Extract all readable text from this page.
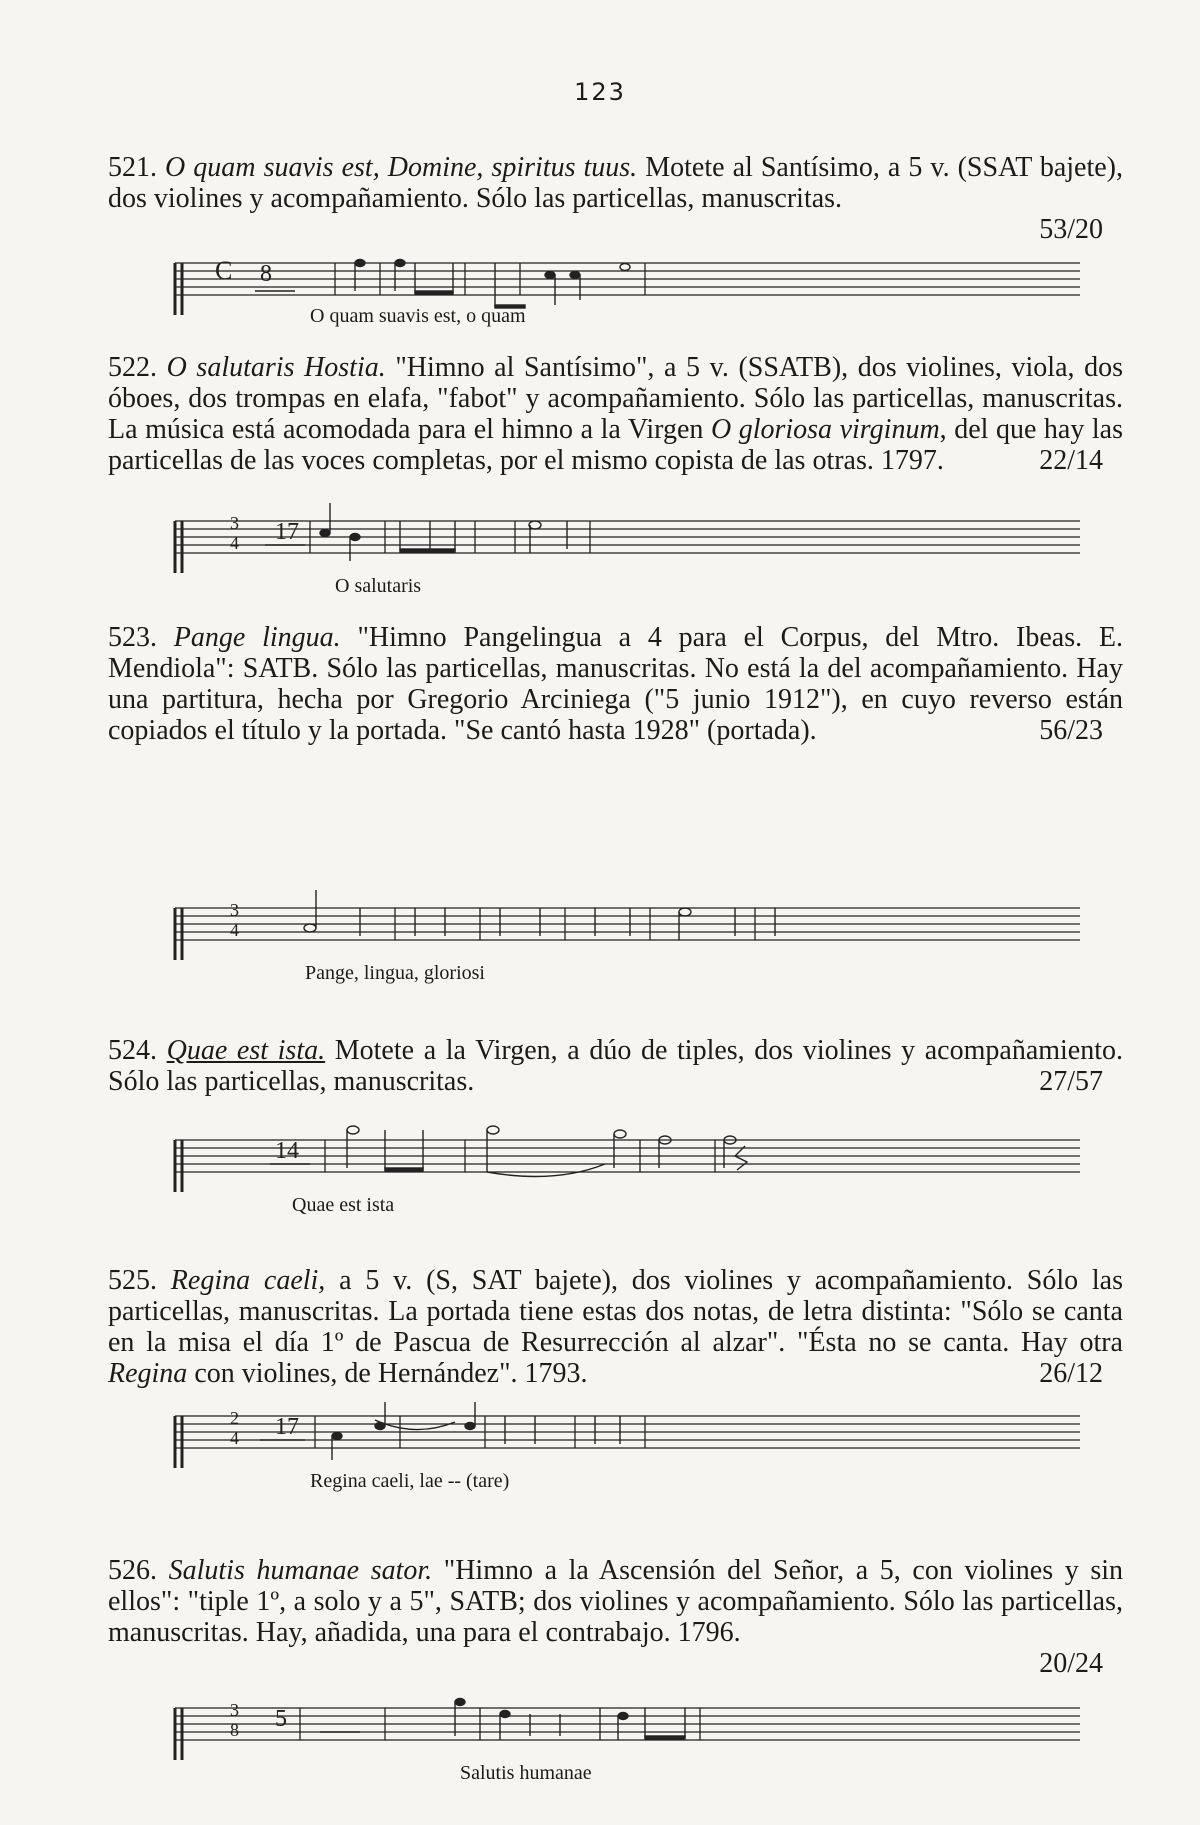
123

521. O quam suavis est, Domine, spiritus tuus. Motete al Santísimo, a 5 v. (SSAT bajete), dos violines y acompañamiento. Sólo las particellas, manuscritas.

53/20
C 8
O quam suavis est, o quam

522. O salutaris Hostia. "Himno al Santísimo", a 5 v. (SSATB), dos violines, viola, dos óboes, dos trompas en elafa, "fabot" y acompañamiento. Sólo las particellas, manuscritas. La música está acomodada para el himno a la Virgen O gloriosa virginum, del que hay las particellas de las voces completas, por el mismo copista de las otras. 1797.	22/14

3
4 17
O salutaris

523. Pange lingua. "Himno Pangelingua a 4 para el Corpus, del Mtro. Ibeas. E. Mendiola": SATB. Sólo las particellas, manuscritas. No está la del acompañamiento. Hay una partitura, hecha por Gregorio Arciniega ("5 junio 1912"), en cuyo reverso están copiados el título y la portada. "Se cantó hasta 1928" (portada).	56/23

3
4
Pange, lingua, gloriosi

524. Quae est ista. Motete a la Virgen, a dúo de tiples, dos violines y acompañamiento. Sólo las particellas, manuscritas.	27/57

14
Quae est ista

525. Regina caeli, a 5 v. (S, SAT bajete), dos violines y acompañamiento. Sólo las particellas, manuscritas. La portada tiene estas dos notas, de letra distinta: "Sólo se canta en la misa el día 1º de Pascua de Resurrección al alzar". "Ésta no se canta. Hay otra Regina con violines, de Hernández". 1793.	26/12

2
4 17
Regina caeli, lae -- (tare)

526. Salutis humanae sator. "Himno a la Ascensión del Señor, a 5, con violines y sin ellos": "tiple 1º, a solo y a 5", SATB; dos violines y acompañamiento. Sólo las particellas, manuscritas. Hay, añadida, una para el contrabajo. 1796.

20/24
3
8 5
Salutis humanae
